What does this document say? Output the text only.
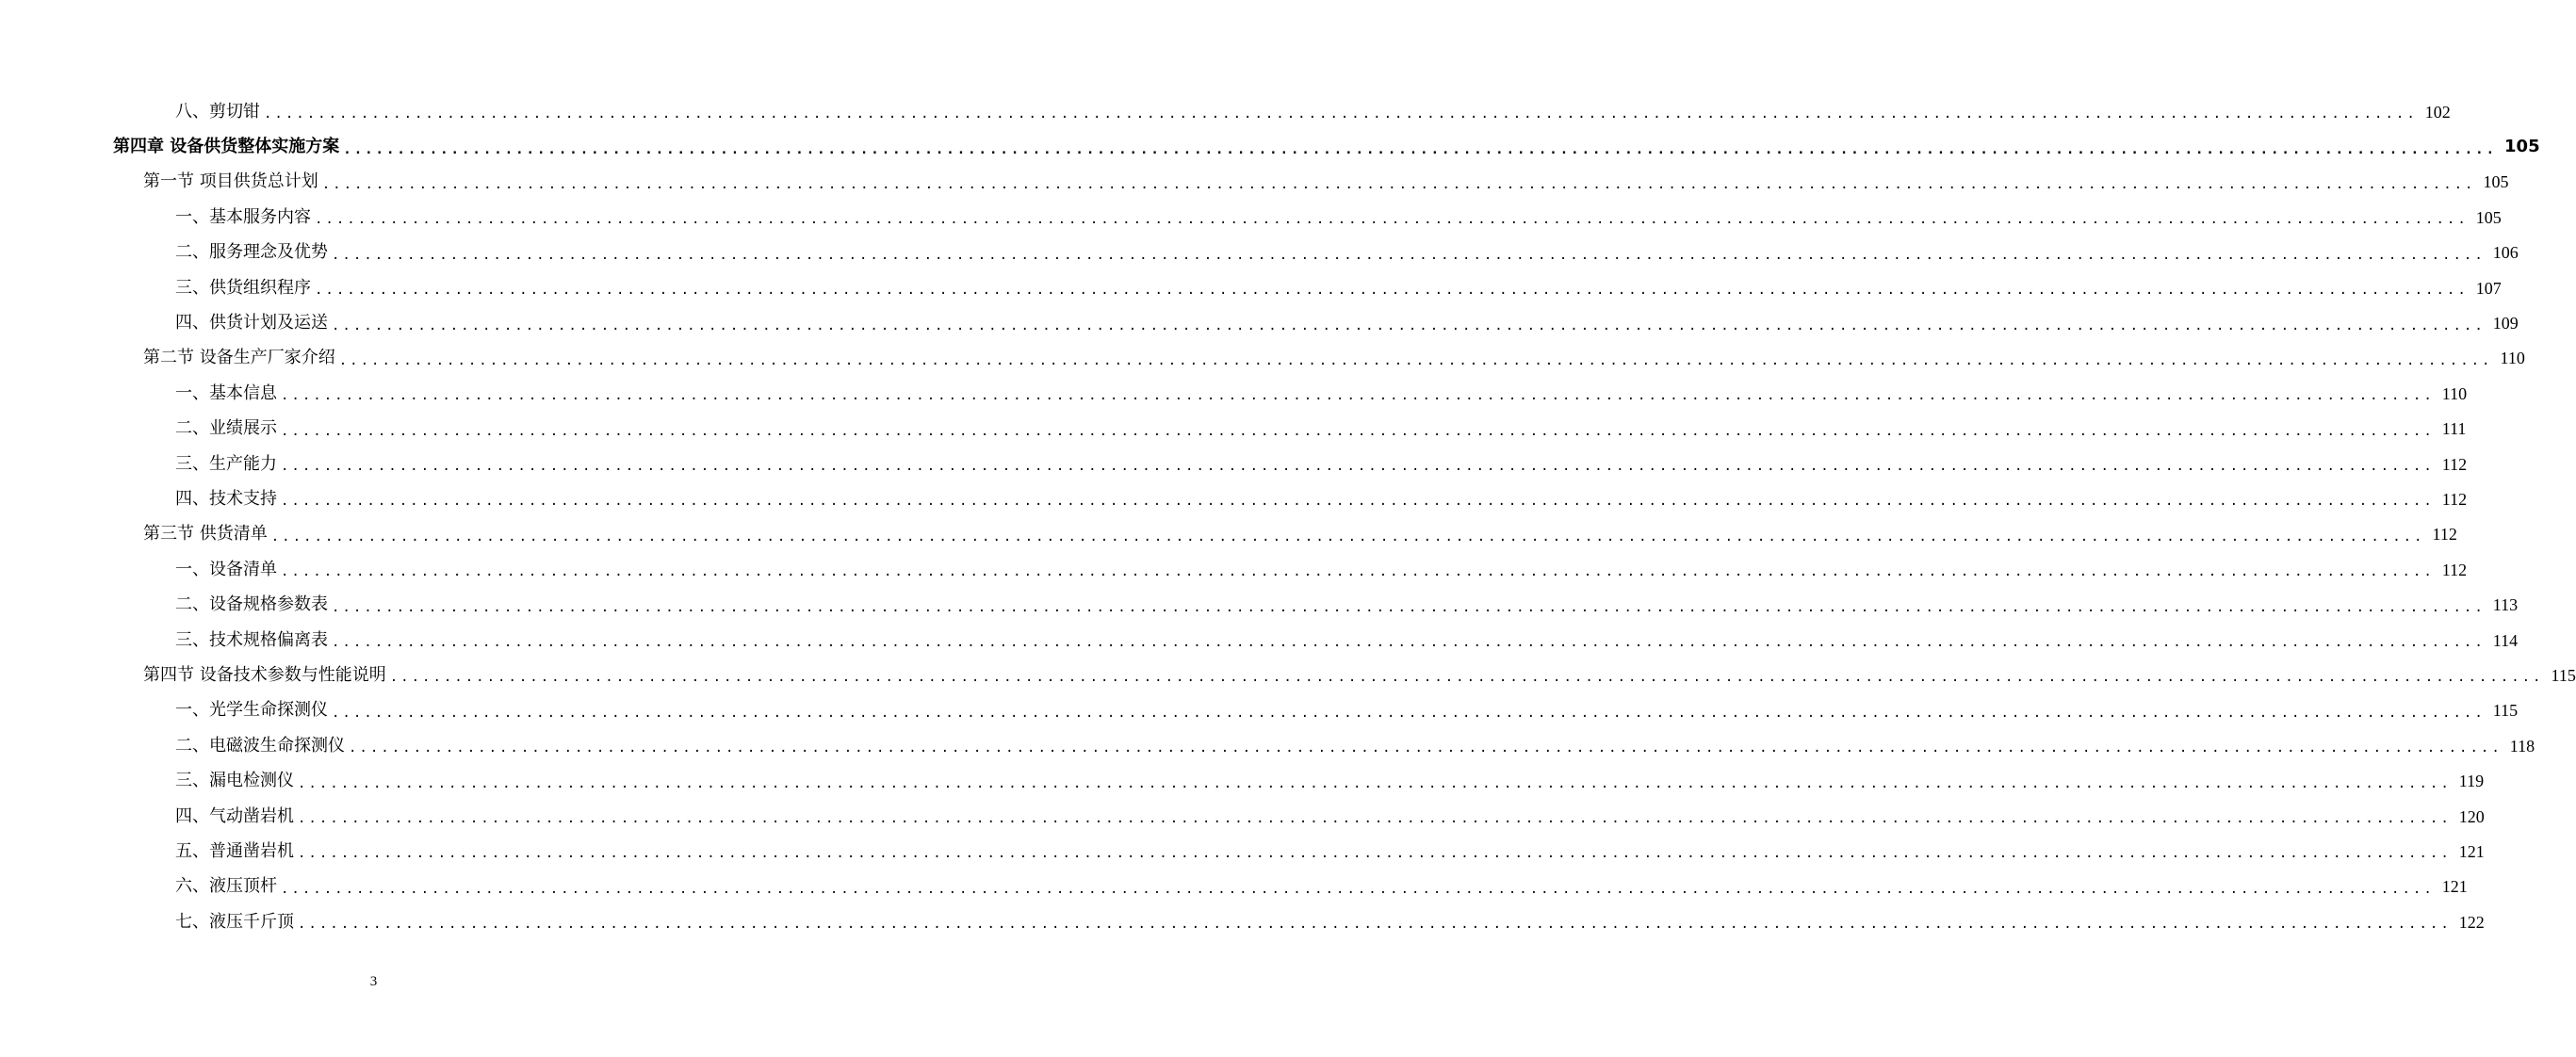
八、剪切钳 ........................................................................................................................................................................................................ 102
第四章 设备供货整体实施方案 ........................................................................................................................................................................................................ 105
第一节 项目供货总计划 ........................................................................................................................................................................................................ 105
一、基本服务内容 ........................................................................................................................................................................................................ 105
二、服务理念及优势 ........................................................................................................................................................................................................ 106
三、供货组织程序 ........................................................................................................................................................................................................ 107
四、供货计划及运送 ........................................................................................................................................................................................................ 109
第二节 设备生产厂家介绍 ........................................................................................................................................................................................................ 110
一、基本信息 ........................................................................................................................................................................................................ 110
二、业绩展示 ........................................................................................................................................................................................................ 111
三、生产能力 ........................................................................................................................................................................................................ 112
四、技术支持 ........................................................................................................................................................................................................ 112
第三节 供货清单 ........................................................................................................................................................................................................ 112
一、设备清单 ........................................................................................................................................................................................................ 112
二、设备规格参数表 ........................................................................................................................................................................................................ 113
三、技术规格偏离表 ........................................................................................................................................................................................................ 114
第四节 设备技术参数与性能说明 ........................................................................................................................................................................................................ 115
一、光学生命探测仪 ........................................................................................................................................................................................................ 115
二、电磁波生命探测仪 ........................................................................................................................................................................................................ 118
三、漏电检测仪 ........................................................................................................................................................................................................ 119
四、气动凿岩机 ........................................................................................................................................................................................................ 120
五、普通凿岩机 ........................................................................................................................................................................................................ 121
六、液压顶杆 ........................................................................................................................................................................................................ 121
七、液压千斤顶 ........................................................................................................................................................................................................ 122
3
